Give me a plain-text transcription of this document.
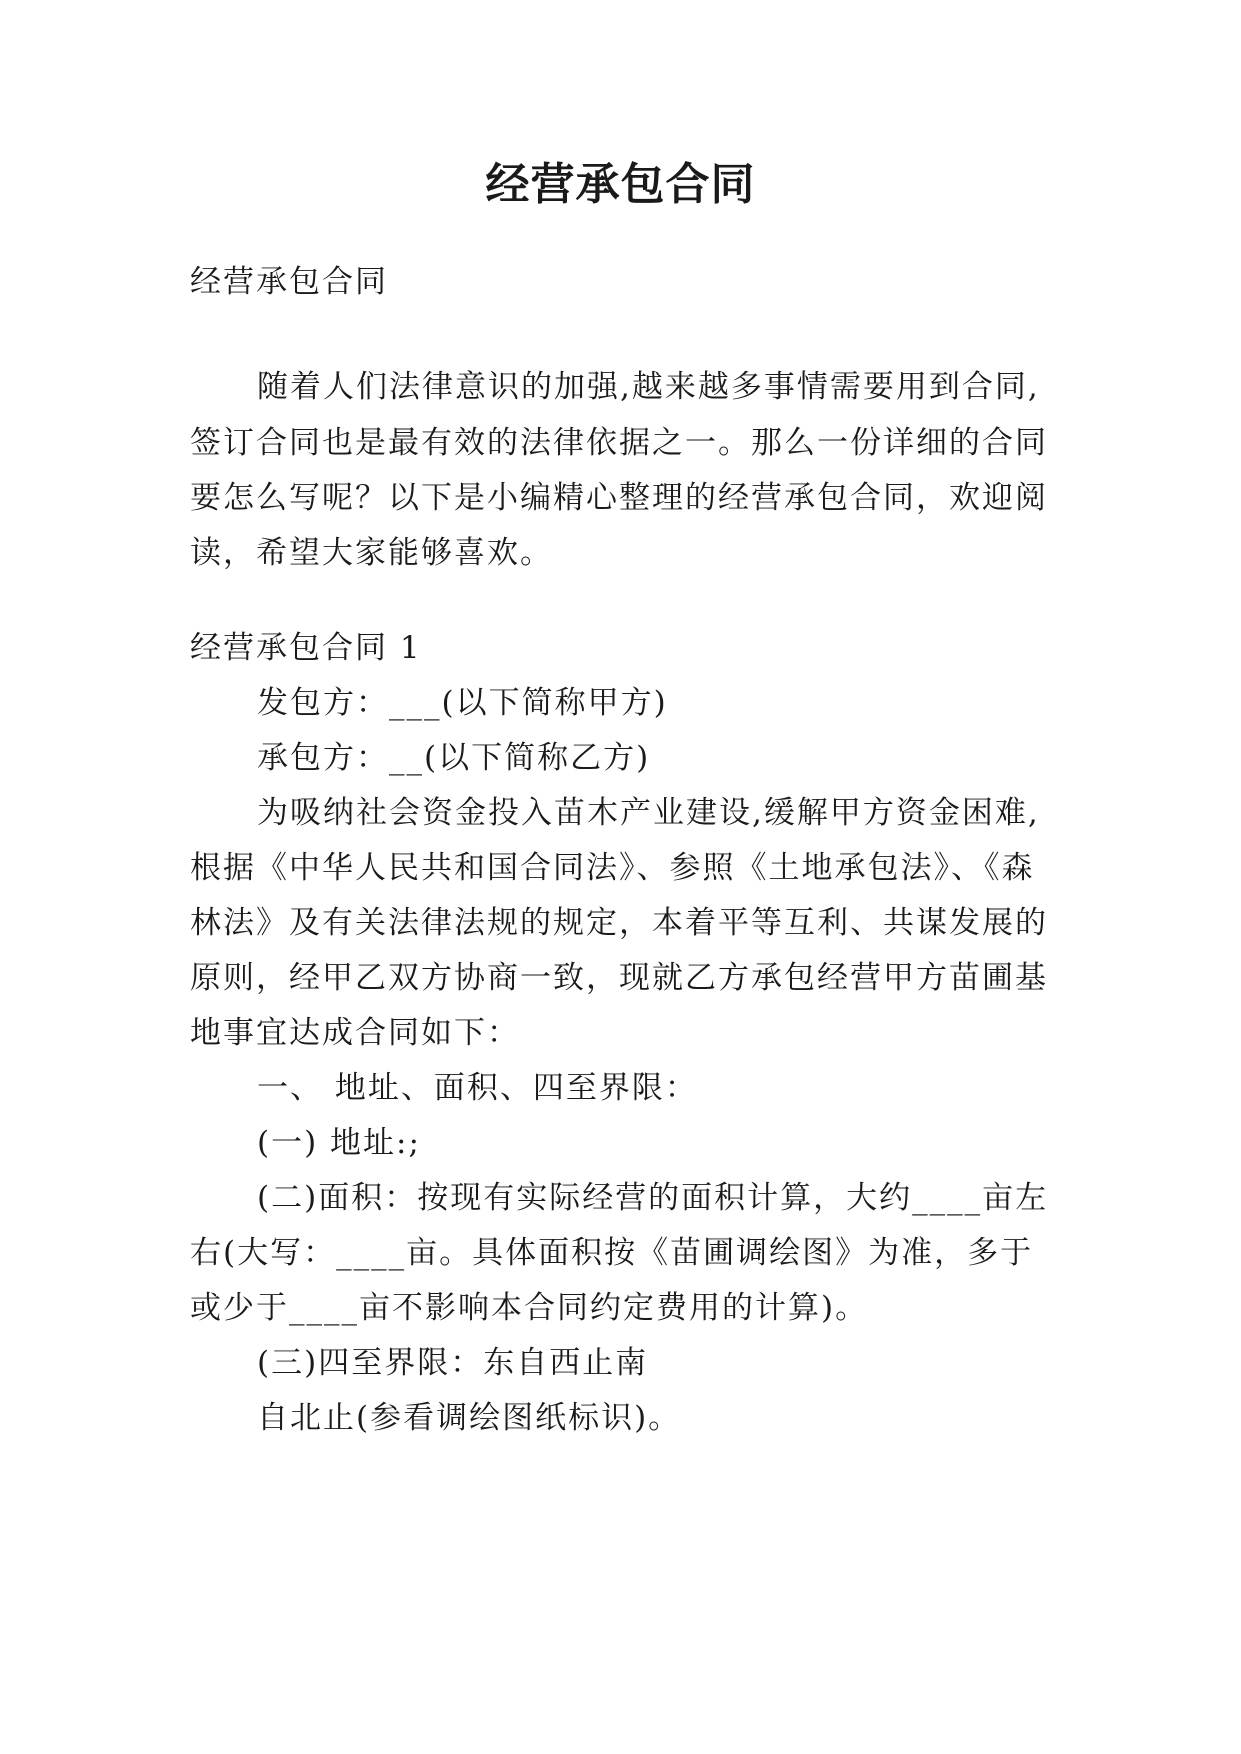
经营承包合同
经营承包合同
随着人们法律意识的加强,越来越多事情需要用到合同,
签订合同也是最有效的法律依据之一。那么一份详细的合同
要怎么写呢？以下是小编精心整理的经营承包合同，欢迎阅
读，希望大家能够喜欢。
经营承包合同 1
发包方：___(以下简称甲方)
承包方：__(以下简称乙方)
为吸纳社会资金投入苗木产业建设,缓解甲方资金困难,
根据《中华人民共和国合同法》、参照《土地承包法》、《森
林法》及有关法律法规的规定，本着平等互利、共谋发展的
原则，经甲乙双方协商一致，现就乙方承包经营甲方苗圃基
地事宜达成合同如下：
一、 地址、面积、四至界限：
(一) 地址:;
(二)面积：按现有实际经营的面积计算，大约____亩左
右(大写：____亩。具体面积按《苗圃调绘图》为准，多于
或少于____亩不影响本合同约定费用的计算)。
(三)四至界限：东自西止南
自北止(参看调绘图纸标识)。
